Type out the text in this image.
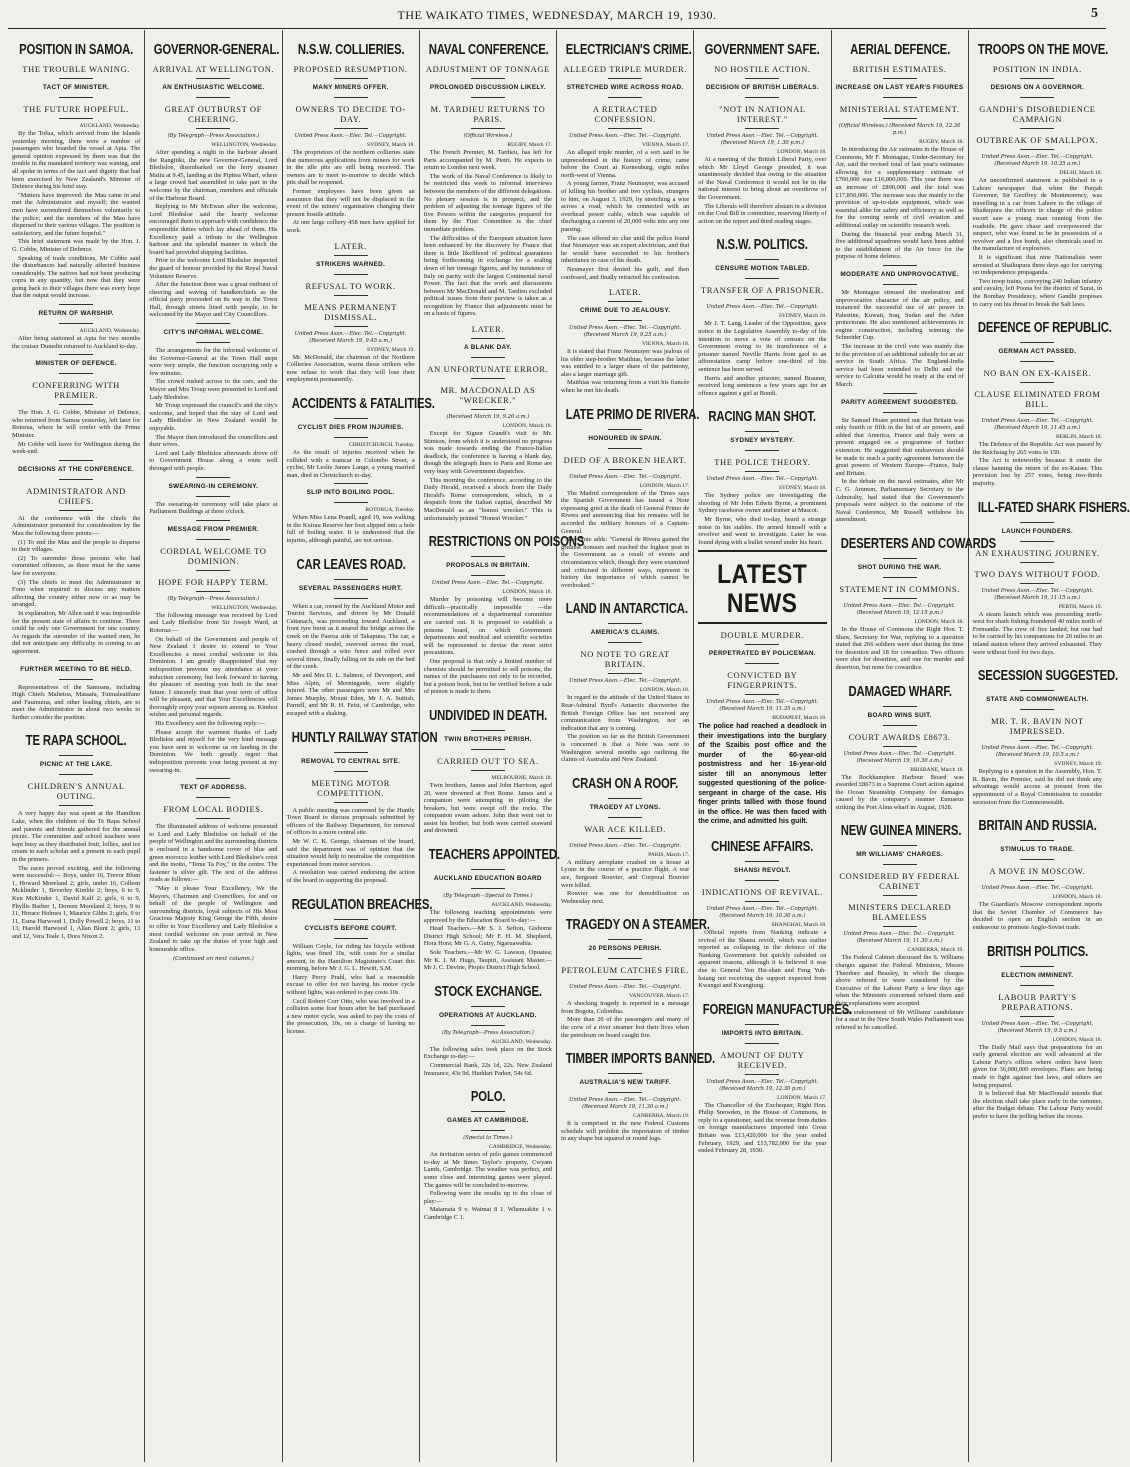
THE WAIKATO TIMES, WEDNESDAY, MARCH 19, 1930.	5
POSITION IN SAMOA.
THE TROUBLE WANING.
TACT OF MINISTER.
THE FUTURE HOPEFUL.
AUCKLAND, Wednesday.

By the Tofua, which arrived from the Islands yesterday morning, there were a number of passengers who boarded the vessel at Apia. The general opinion expressed by them was that the trouble in the mandated territory was waning, and all spoke in terms of the tact and dignity that had been exercised by New Zealand's Minister of Defence during his brief stay.

"Matters have improved: the Mau came in and met the Administrator and myself; the wanted men have surrendered themselves voluntarily to the police; and the members of the Mau have dispersed to their various villages. The position is satisfactory, and the future hopeful."

This brief statement was made by the Hon. J. G. Cobbe, Minister of Defence.

Speaking of trade conditions, Mr Cobbe said the disturbances had naturally affected business considerably. The natives had not been producing copra in any quantity, but now that they were going back to their villages there was every hope that the output would increase.

RETURN OF WARSHIP.
AUCKLAND, Wednesday.

After being stationed at Apia for two months the cruiser Dunedin returned to Auckland to-day.

MINISTER OF DEFENCE.
CONFERRING WITH PREMIER.

The Hon. J. G. Cobbe, Minister of Defence, who returned from Samoa yesterday, left later for Rotorua, where he will confer with the Prime Minister.

Mr Cobbe will leave for Wellington during the week-end.

DECISIONS AT THE CONFERENCE.
ADMINISTRATOR AND CHIEFS.

At the conference with the chiefs the Administrator presented for consideration by the Mau the following three points:—

(1) To end the Mau and the people to disperse to their villages.

(2) To surrender those persons who had committed offences, as there must be the same law for everyone.

(3) The chiefs to meet the Administrator in Fono when required to discuss any matters affecting the country either now or as may be arranged.

In explanation, Mr Allen said it was impossible for the present state of affairs to continue. There could be only one Government for one country. As regards the surrender of the wanted men, he did not anticipate any difficulty in coming to an agreement.

FURTHER MEETING TO BE HELD.

Representatives of the Samoans, including High Chiefs Malietoa, Mataafa, Tuimaleaiifano and Faumuina, and other leading chiefs, are to meet the Administrator in about two weeks to further consider the position.

TE RAPA SCHOOL.
PICNIC AT THE LAKE.
CHILDREN'S ANNUAL OUTING.

A very happy day was spent at the Hamilton Lake, when the children of the Te Rapa School and parents and friends gathered for the annual picnic. The committee and school teachers were kept busy as they distributed fruit, lollies, and ice cream to each scholar and a present to each pupil in the primers.

The races proved exciting, and the following were successful:— Boys, under 16, Trevor Blunt 1, Howard Moreland 2; girls, under 16, Colleen Mcklinder 1, Beverley Kimble 2; boys, 6 to 9, Ken McKinder 1, David Kulf 2; girls, 6 to 9, Phyllis Barber 1, Doreen Moreland 2; boys, 9 to 11, Horace Holmes 1, Maurice Gibbs 2; girls, 9 to 11, Esma Harwood 1, Dolly Powell 2; boys, 11 to 13, Harold Harwood 1, Allan Blunt 2; girls, 13 and 12, Vera Teale 1, Dora Nixon 2.

GOVERNOR-GENERAL.
ARRIVAL AT WELLINGTON.
AN ENTHUSIASTIC WELCOME.
GREAT OUTBURST OF CHEERING.
(By Telegraph—Press Association.)
WELLINGTON, Wednesday.

After spending a night in the harbour aboard the Rangitiki, the new Governor-General, Lord Bledisloe, disembarked on the ferry steamer Matiu at 9.45, landing at the Pipitea Wharf, where a large crowd had assembled to take part in the welcome by the chairman, members and officials of the Harbour Board.

Replying to Mr McEwan after the welcome, Lord Bledisloe said the hearty welcome encouraged them to approach with confidence the responsible duties which lay ahead of them. His Excellency paid a tribute to the Wellington harbour and the splendid manner in which the board had provided shipping facilities.

Prior to the welcome Lord Bledisloe inspected the guard of honour provided by the Royal Naval Volunteer Reserve.

After the function there was a great outburst of cheering and waving of handkerchiefs as the official party proceeded on its way to the Town Hall, through streets lined with people, to be welcomed by the Mayor and City Councillors.

CITY'S INFORMAL WELCOME.

The arrangements for the informal welcome of the Governor-General at the Town Hall steps were very simple, the function occupying only a few minutes.

The crowd rushed across to the cars, and the Mayor and Mrs Troup were presented to Lord and Lady Bledisloe.

Mr Troup expressed the council's and the city's welcome, and hoped that the stay of Lord and Lady Bledisloe in New Zealand would be enjoyable.

The Mayor then introduced the councillors and their wives.

Lord and Lady Bledisloe afterwards drove off to Government House along a route well thronged with people.

SWEARING-IN CEREMONY.

The swearing-in ceremony will take place at Parliament Buildings at three o'clock.

MESSAGE FROM PREMIER.
CORDIAL WELCOME TO DOMINION.
HOPE FOR HAPPY TERM.
(By Telegraph—Press Association.)
WELLINGTON, Wednesday.

The following message was received by Lord and Lady Bledisloe from Sir Joseph Ward, at Rotorua:—

On behalf of the Government and people of New Zealand I desire to extend to Your Excellencies a most cordial welcome to this Dominion. I am greatly disappointed that my indisposition prevents my attendance at your induction ceremony, but look forward to having the pleasure of meeting you both in the near future. I sincerely trust that your term of office will be pleasant, and that Your Excellencies will thoroughly enjoy your sojourn among us. Kindest wishes and personal regards.

His Excellency sent the following reply:—

Please accept the warmest thanks of Lady Bledisloe and myself for the very kind message you have sent to welcome us on landing in the Dominion. We both greatly regret that indisposition prevents your being present at my swearing-in.

TEXT OF ADDRESS.
FROM LOCAL BODIES.

The illuminated address of welcome presented to Lord and Lady Bledisloe on behalf of the people of Wellington and the surrounding districts is enclosed in a handsome cover of blue and green morocco leather with Lord Bledisloe's crest and the motto, "Teme Ta Foy," in the centre. The fastener is silver gilt. The text of the address reads as follows:—

"May it please Your Excellency, We the Mayors, Chairmen and Councillors, for and on behalf of the people of Wellington and surrounding districts, loyal subjects of His Most Gracious Majesty King George the Fifth, desire to offer to Your Excellency and Lady Bledisloe a most cordial welcome on your arrival in New Zealand to take up the duties of your high and honourable office.

(Continued on next column.)
N.S.W. COLLIERIES.
PROPOSED RESUMPTION.
MANY MINERS OFFER.
OWNERS TO DECIDE TO-DAY.
United Press Assn.—Elec. Tel.—Copyright.
SYDNEY, March 18.

The proprietors of the northern collieries state that numerous applications from miners for work in the idle pits are still being received. The owners are to meet to-morrow to decide which pits shall be reopened.

Former employees have been given an assurance that they will not be displaced in the event of the miners' organisation changing their present hostile attitude.

At one large colliery 458 men have applied for work.

LATER.
STRIKERS WARNED.
REFUSAL TO WORK.
MEANS PERMANENT DISMISSAL.
United Press Assn.—Elec. Tel.—Copyright. (Received March 19, 9.45 a.m.)
SYDNEY, March 19.

Mr. McDonald, the chairman of the Northern Collieries Association, warns those strikers who now refuse to work that they will lose their employment permanently.

ACCIDENTS & FATALITIES.
CYCLIST DIES FROM INJURIES.
CHRISTCHURCH, Tuesday.

As the result of injuries received when he collided with a tramcar in Colombo Street, a cyclist, Mr Leslie James Lange, a young married man, died in Christchurch to-day.

SLIP INTO BOILING POOL.
ROTORUA, Tuesday.

When Miss Lena Prandl, aged 19, was walking in the Kuirau Reserve her foot slipped into a hole full of boiling water. It is understood that the injuries, although painful, are not serious.

CAR LEAVES ROAD.
SEVERAL PASSENGERS HURT.

When a car, owned by the Auckland Motor and Tourist Services, and driven by Mr Donald Cattanach, was proceeding toward Auckland, a front tyre burst as it neared the bridge across the creek on the Paeroa side of Takapuna. The car, a heavy closed model, swerved across the road, crashed through a wire fence and rolled over several times, finally falling on its side on the bed of the creek.

Mr and Mrs D. L. Salmon, of Devonport, and Miss Alpin, of Morningside, were slightly injured. The other passengers were Mr and Mrs James Murphy, Mount Eden, Mr J. A. Suttish, Parnell, and Mr R. H. Feist, of Cambridge, who escaped with a shaking.

HUNTLY RAILWAY STATION
REMOVAL TO CENTRAL SITE.
MEETING MOTOR COMPETITION.

A public meeting was convened by the Huntly Town Board to discuss proposals submitted by officers of the Railway Department, for removal of offices to a more central site.

Mr W. C. K. George, chairman of the board, said the department was of opinion that the situation would help to neutralise the competition experienced from motor services.

A resolution was carried endorsing the action of the board in supporting the proposal.

REGULATION BREACHES.
CYCLISTS BEFORE COURT.

William Coyle, for riding his bicycle without lights, was fined 10s, with costs for a similar amount, in the Hamilton Magistrate's Court this morning, before Mr J. G. L. Hewitt, S.M.

Harry Percy Prahl, who had a reasonable excuse to offer for not having his motor cycle without lights, was ordered to pay costs 10s.

Cecil Robert Corr Otto, who was involved in a collision some four hours after he had purchased a new motor cycle, was asked to pay the costs of the prosecution, 10s, on a charge of having no license.

NAVAL CONFERENCE.
ADJUSTMENT OF TONNAGE
PROLONGED DISCUSSION LIKELY.
M. TARDIEU RETURNS TO PARIS.
(Official Wireless.)
RUGBY, March 17.

The French Premier, M. Tardieu, has left for Paris accompanied by M. Pietri. He expects to return to London next week.

The work of the Naval Conference is likely to be restricted this week to informal interviews between the members of the different delegations. No plenary session is in prospect, and the problem of adjusting the tonnage figures of the five Powers within the categories prepared for them by the First Committee is the chief immediate problem.

The difficulties of the European situation have been enhanced by the discovery by France that there is little likelihood of political guarantees being forthcoming in exchange for a scaling down of her tonnage figures, and by insistence of Italy on parity with the largest Continental naval Power. The fact that the work and discussions between Mr MacDonald and M. Tardieu excluded political issues from their purview is taken as a recognition by France that adjustments must be on a basis of figures.

LATER.
A BLANK DAY.
AN UNFORTUNATE ERROR.
MR. MACDONALD AS "WRECKER."
(Received March 19, 9.20 a.m.)
LONDON, March 18.

Except for Signor Grandi's visit to Mr. Stimson, from which it is understood no progress was made towards ending the Franco-Italian deadlock, the conference is having a blank day, though the telegraph lines to Paris and Rome are very busy with Government dispatches.

This morning the conference, according to the Daily Herald, received a shock from the Daily Herald's Rome correspondent, which, in a despatch from the Italian capital, described Mr MacDonald as an "honest wrecker." This is unfortunately printed "Honest Wrecker."

RESTRICTIONS ON POISONS
PROPOSALS IN BRITAIN.
United Press Assn.—Elec. Tel.—Copyright.
LONDON, March 18.

Murder by poisoning will become more difficult—practically impossible —the recommendations of a departmental committee are carried out. It is proposed to establish a poisons board, on which Government departments and medical and scientific societies will be represented to devise the most strict precautions.

One proposal is that only a limited number of chemists should be permitted to sell poisons, the names of the purchasers not only to be recorded, but a poison book, but to be verified before a sale of poison is made to them.

UNDIVIDED IN DEATH.
TWIN BROTHERS PERISH.
CARRIED OUT TO SEA.
MELBOURNE, March 18.

Twin brothers, James and John Harrison, aged 20, were drowned at Port Rome. James and a companion were attempting in piloting the breakers, but were swept off the rocks. The companion swam ashore. John then went out to assist his brother, but both were carried seaward and drowned.

TEACHERS APPOINTED.
AUCKLAND EDUCATION BOARD
(By Telegraph—Special to Times.)
AUCKLAND, Wednesday.

The following teaching appointments were approved by the Education Board to-day:—

Head Teachers.—Mr S. J. Sefton, Gisborne District High School; Mr F. H. M. Shepherd, Hora Hora; Mr G. A. Gutry, Ngaruawahia.

Sole Teachers.—Mr W. G. Lawson, Opuatea; Mr K. J. M. Hugo, Taupiri, Assistant Master.—Mr J. C. Devine, Piopio District High School.

STOCK EXCHANGE.
OPERATIONS AT AUCKLAND.
(By Telegraph—Press Association.)
AUCKLAND, Wednesday.

The following sales took place on the Stock Exchange to-day:—

Commercial Bank, 22s 1d, 22s. New Zealand Insurance, 43s 9d. Huddart Parker, 54s 6d.

POLO.
GAMES AT CAMBRIDGE.
(Special to Times.)
CAMBRIDGE, Wednesday.

An invitation series of polo games commenced to-day at Mr Innes Taylor's property, Cwyam Lands, Cambridge. The weather was perfect, and some close and interesting games were played. The games will be concluded to-morrow.

Following were the results up to the close of play:—

Matamata 9 v. Waimai 8 1. Whenuakite 1 v. Cambridge C 1.

ELECTRICIAN'S CRIME.
ALLEGED TRIPLE MURDER.
STRETCHED WIRE ACROSS ROAD.
A RETRACTED CONFESSION.
United Press Assn.—Elec. Tel.—Copyright.
VIENNA, March 17.

An alleged triple murder, of a sort said to be unprecedented in the history of crime, came before the Court at Korneuburg, eight miles north-west of Vienna.

A young farmer, Franz Neumayer, was accused of killing his brother and two cyclists, strangers to him, on August 3, 1929, by stretching a wire across a road, which he connected with an overhead power cable, which was capable of discharging a current of 20,000 volts into any one passing.

The case offered no clue until the police found that Neumayer was an expert electrician, and that he would have succeeded to his brother's inheritance in case of his death.

Neumayer first denied his guilt, and then confessed, and finally retracted his confession.

LATER.
CRIME DUE TO JEALOUSY.
United Press Assn.—Elec. Tel.—Copyright. (Received March 19, 9.25 a.m.)
VIENNA, March 18.

It is stated that Franz Neumayer was jealous of his older step-brother Matthias, because the latter was entitled to a larger share of the patrimony, also a larger marriage gift.

Matthias was returning from a visit his fiancée when he met his death.

LATE PRIMO DE RIVERA.
HONOURED IN SPAIN.
DIED OF A BROKEN HEART.
United Press Assn.—Elec. Tel.—Copyright.
LONDON, March 17.

The Madrid correspondent of the Times says the Spanish Government has issued a Note expressing grief at the death of General Primo de Rivera and announcing that his remains will be accorded the military honours of a Captain-General.

The Note adds: "General de Rivera gained the greatest honours and reached the highest post in the Government as a result of events and circumstances which, though they were examined and criticised in different ways, represent in history the importance of which cannot be overlooked."

LAND IN ANTARCTICA.
AMERICA'S CLAIMS.
NO NOTE TO GREAT BRITAIN.
United Press Assn.—Elec. Tel.—Copyright.
LONDON, March 18.

In regard to the attitude of the United States to Rear-Admiral Byrd's Antarctic discoveries the British Foreign Office has not received any communication from Washington, nor an indication that any is coming.

The position so far as the British Government is concerned is that a Note was sent to Washington several months ago outlining the claims of Australia and New Zealand.

CRASH ON A ROOF.
TRAGEDY AT LYONS.
WAR ACE KILLED.
United Press Assn.—Elec. Tel.—Copyright.
PARIS, March 17.

A military aeroplane crashed on a house at Lyons in the course of a practice flight. A war ace, Sergeant Rouvier, and Corporal Bouvier were killed.

Rouvier was one for demobilisation on Wednesday next.

TRAGEDY ON A STEAMER.
20 PERSONS PERISH.
PETROLEUM CATCHES FIRE.
United Press Assn.—Elec. Tel.—Copyright.
VANCOUVER, March 17.

A shocking tragedy is reported in a message from Bogota, Colombia.

More than 20 of the passengers and many of the crew of a river steamer lost their lives when the petroleum on board caught fire.

TIMBER IMPORTS BANNED.
AUSTRALIA'S NEW TARIFF.
United Press Assn.—Elec. Tel.—Copyright. (Received March 19, 11.30 a.m.)
CANBERRA, March 19.

It is comprised in the new Federal Customs schedule will prohibit the importation of timber in any shape but squared or round logs.

GOVERNMENT SAFE.
NO HOSTILE ACTION.
DECISION OF BRITISH LIBERALS.
"NOT IN NATIONAL INTEREST."
United Press Assn.—Elec. Tel.—Copyright. (Received March 19, 1.30 p.m.)
LONDON, March 18.

At a meeting of the British Liberal Party, over which Mr Lloyd George presided, it was unanimously decided that owing to the situation of the Naval Conference it would not be in the national interest to bring about an overthrow of the Government.

The Liberals will therefore abstain in a division on the Coal Bill in committee, reserving liberty of action on the report and third reading stages.

N.S.W. POLITICS.
CENSURE MOTION TABLED.
TRANSFER OF A PRISONER.
United Press Assn.—Elec. Tel.—Copyright.
SYDNEY, March 18.

Mr J. T. Lang, Leader of the Opposition, gave notice in the Legislative Assembly to-day of his intention to move a vote of censure on the Government owing to its transference of a prisoner named Neville Harris from gaol to an afforestation camp before one-third of his sentence has been served.

Harris and another prisoner, named Brauner, received long sentences a few years ago for an offence against a girl at Bondi.

RACING MAN SHOT.
SYDNEY MYSTERY.
THE POLICE THEORY.
United Press Assn.—Elec. Tel.—Copyright.
SYDNEY, March 18.

The Sydney police are investigating the shooting of Mr John Edwin Byrne, a prominent Sydney racehorse owner and trainer at Mascot.

Mr Byrne, who died to-day, heard a strange noise in his stables. He armed himself with a revolver and went to investigate. Later he was found dying with a bullet wound under his heart.

LATEST NEWS
DOUBLE MURDER.
PERPETRATED BY POLICEMAN.
CONVICTED BY FINGERPRINTS.
United Press Assn.—Elec. Tel.—Copyright. (Received March 19, 11.35 a.m.)
BUDAPEST, March 18.
The police had reached a deadlock in their investigations into the burglary of the Szaibis post office and the murder of the 60-year-old postmistress and her 16-year-old sister till an anonymous letter suggested questioning of the police-sergeant in charge of the case. His finger prints tallied with those found in the office. He was then faced with the crime, and admitted his guilt.
CHINESE AFFAIRS.
SHANSI REVOLT.
INDICATIONS OF REVIVAL.
United Press Assn.—Elec. Tel.—Copyright. (Received March 19, 10.30 a.m.)
SHANGHAI, March 18.

Official reports from Nanking indicate a revival of the Shansi revolt, which was earlier reported as collapsing in the defence of the Nanking Government but quickly subsided on apparent reasons, although it is believed it was due to General Yen Hsi-shan and Feng Yuh-hsiang not receiving the support expected from Kwangsi and Kwangtung.

FOREIGN MANUFACTURES.
IMPORTS INTO BRITAIN.
AMOUNT OF DUTY RECEIVED.
United Press Assn.—Elec. Tel.—Copyright. (Received March 19, 12.30 p.m.)
LONDON, March 17.

The Chancellor of the Exchequer, Right Hon. Philip Snowden, in the House of Commons, in reply to a questioner, said the revenue from duties on foreign manufactures imported into Great Britain was £13,420,000 for the year ended February, 1929, and £13,782,000 for the year ended February 28, 1930.

AERIAL DEFENCE.
BRITISH ESTIMATES.
INCREASE ON LAST YEAR'S FIGURES
MINISTERIAL STATEMENT.
(Official Wireless.) (Received March 19, 12.30 p.m.)
RUGBY, March 18.

In introducing the Air estimates in the House of Commons, Mr F. Montague, Under-Secretary for Air, said the revised total of last year's estimates allowing for a supplementary estimate of £760,000 was £16,800,000. This year there was an increase of £890,000 and the total was £17,850,000. The increase was due mainly to the provision of up-to-date equipment, which was essential alike for safety and efficiency as well as for the coming needs of civil aviation and additional outlay on scientific research work.

During the financial year ending March 31, five additional squadrons would have been added to the establishment of the Air force for the purpose of home defence.

MODERATE AND UNPROVOCATIVE.

Mr Montague stressed the moderation and unprovocative character of the air policy, and instanced the successful use of air power in Palestine, Kuwait, Iraq, Sudan and the Aden protectorate. He also mentioned achievements in engine construction, including winning the Schneider Cup.

The increase in the civil vote was mainly due to the provision of an additional subsidy for an air service in South Africa. The England-India service had been extended to Delhi and the service to Calcutta would be ready at the end of March.

PARITY AGREEMENT SUGGESTED.

Sir Samuel Hoare pointed out that Britain was only fourth or fifth in the list of air powers, and added that America, France and Italy were at present engaged on a programme of further extension. He suggested that endeavours should be made to reach a parity agreement between the great powers of Western Europe—France, Italy and Britain.

In the debate on the naval estimates, after Mr C. G. Ammon, Parliamentary Secretary to the Admiralty, had stated that the Government's proposals were subject to the outcome of the Naval Conference, Mr Russell withdrew his amendment.

DESERTERS AND COWARDS
SHOT DURING THE WAR.
STATEMENT IN COMMONS.
United Press Assn.—Elec. Tel.—Copyright. (Received March 19, 12.15 p.m.)
LONDON, March 18.

In the House of Commons the Right Hon. T. Shaw, Secretary for War, replying to a question stated that 266 soldiers were shot during the time for desertion and 18 for cowardice. Two officers were shot for desertion, and one for murder and desertion, but none for cowardice.

DAMAGED WHARF.
BOARD WINS SUIT.
COURT AWARDS £8673.
United Press Assn.—Elec. Tel.—Copyright. (Received March 19, 10.30 a.m.)
BRISBANE, March 18.

The Rockhampton Harbour Board was awarded £8673 in a Supreme Court action against the Ocean Steamship Company for damages caused by the company's steamer Eumaeus striking the Port Alma wharf in August, 1928.

NEW GUINEA MINERS.
MR WILLIAMS' CHARGES.
CONSIDERED BY FEDERAL CABINET
MINISTERS DECLARED BLAMELESS
United Press Assn.—Elec. Tel.—Copyright. (Received March 19, 11.30 a.m.)
CANBERRA, March 19.

The Federal Cabinet discussed the S. Williams charges against the Federal Ministers, Messrs Theodore and Beasley, in which the charges above referred to were considered by the Executive of the Labour Party a few days ago when the Ministers concerned refuted them and their explanations were accepted.

The endorsement of Mr Williams' candidature for a seat in the New South Wales Parliament was referred to be cancelled.

TROOPS ON THE MOVE.
POSITION IN INDIA.
DESIGNS ON A GOVERNOR.
GANDHI'S DISOBEDIENCE CAMPAIGN
OUTBREAK OF SMALLPOX.
United Press Assn.—Elec. Tel.—Copyright. (Received March 19, 10.35 a.m.)
DELHI, March 18.

An unconfirmed statement is published in a Lahore newspaper that when the Punjab Governor, Sir Geoffrey de Montmorency, was travelling in a car from Lahore to the village of Shaikupura the officers in charge of the police escort saw a young man running from the roadside. He gave chase and overpowered the suspect, who was found to be in possession of a revolver and a live bomb, also chemicals used in the manufacture of explosives.

It is significant that nine Nationalists were arrested at Shaikupura three days ago for carrying on independence propaganda.

Two troop trains, conveying 240 Indian infantry and cavalry, left Poona for the district of Surat, in the Bombay Presidency, where Gandhi proposes to carry out his threat to break the Salt laws.

DEFENCE OF REPUBLIC.
GERMAN ACT PASSED.
NO BAN ON EX-KAISER.
CLAUSE ELIMINATED FROM BILL.
United Press Assn.—Elec. Tel.—Copyright. (Received March 19, 11.45 a.m.)
BERLIN, March 18.

The Defence of the Republic Act was passed by the Reichstag by 265 votes to 150.

The Act is noteworthy because it omits the clause banning the return of the ex-Kaiser. This provision lost by 257 votes, being two-thirds majority.

ILL-FATED SHARK FISHERS.
LAUNCH FOUNDERS.
AN EXHAUSTING JOURNEY.
TWO DAYS WITHOUT FOOD.
United Press Assn.—Elec. Tel.—Copyright. (Received March 19, 11.15 a.m.)
PERTH, March 19.

A steam launch which was proceeding north-west for shark fishing foundered 40 miles north of Fremantle. The crew of five landed, but one had to be carried by his companions for 20 miles to an inland station where they arrived exhausted. They were without food for two days.

SECESSION SUGGESTED.
STATE AND COMMONWEALTH.
MR. T. R. BAVIN NOT IMPRESSED.
United Press Assn.—Elec. Tel.—Copyright. (Received March 19, 10.5 a.m.)
SYDNEY, March 19.

Replying to a question in the Assembly, Hon. T. R. Bavin, the Premier, said he did not think any advantage would accrue at present from the appointment of a Royal Commission to consider secession from the Commonwealth.

BRITAIN AND RUSSIA.
STIMULUS TO TRADE.
A MOVE IN MOSCOW.
United Press Assn.—Elec. Tel.—Copyright.
LONDON, March 18.

The Guardian's Moscow correspondent reports that the Soviet Chamber of Commerce has decided to open an English section in an endeavour to promote Anglo-Soviet trade.

BRITISH POLITICS.
ELECTION IMMINENT.
LABOUR PARTY'S PREPARATIONS.
United Press Assn.—Elec. Tel.—Copyright. (Received March 19, 9.5 a.m.)
LONDON, March 18.

The Daily Mail says that preparations for an early general election are well advanced at the Labour Party's offices where orders have been given for 36,000,000 envelopes. Plans are being made to fight against fast laws, and others are being prepared.

It is believed that Mr MacDonald intends that the election shall take place early in the summer, after the Budget debate. The Labour Party would prefer to have the polling before the recess.
